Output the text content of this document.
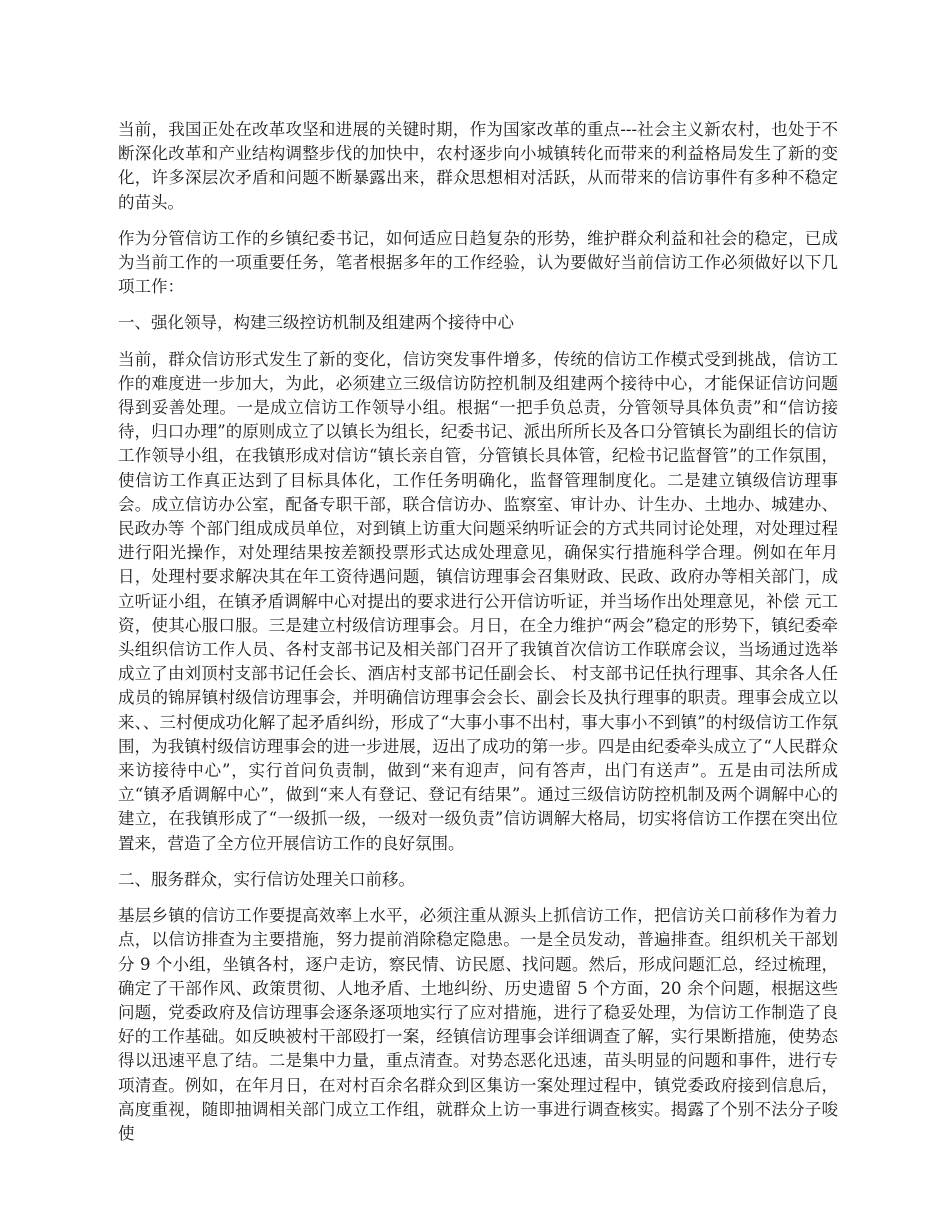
当前，我国正处在改革攻坚和进展的关键时期，作为国家改革的重点---社会主义新农村，也处于不断深化改革和产业结构调整步伐的加快中，农村逐步向小城镇转化而带来的利益格局发生了新的变化，许多深层次矛盾和问题不断暴露出来，群众思想相对活跃，从而带来的信访事件有多种不稳定的苗头。

作为分管信访工作的乡镇纪委书记，如何适应日趋复杂的形势，维护群众利益和社会的稳定，已成为当前工作的一项重要任务，笔者根据多年的工作经验，认为要做好当前信访工作必须做好以下几项工作：

一、强化领导，构建三级控访机制及组建两个接待中心

当前，群众信访形式发生了新的变化，信访突发事件增多，传统的信访工作模式受到挑战，信访工作的难度进一步加大，为此，必须建立三级信访防控机制及组建两个接待中心，才能保证信访问题得到妥善处理。一是成立信访工作领导小组。根据“一把手负总责，分管领导具体负责”和“信访接待，归口办理”的原则成立了以镇长为组长，纪委书记、派出所所长及各口分管镇长为副组长的信访工作领导小组，在我镇形成对信访“镇长亲自管，分管镇长具体管，纪检书记监督管”的工作氛围，使信访工作真正达到了目标具体化，工作任务明确化，监督管理制度化。二是建立镇级信访理事会。成立信访办公室，配备专职干部，联合信访办、监察室、审计办、计生办、土地办、城建办、民政办等 个部门组成成员单位，对到镇上访重大问题采纳听证会的方式共同讨论处理，对处理过程进行阳光操作，对处理结果按差额投票形式达成处理意见，确保实行措施科学合理。例如在年月日，处理村要求解决其在年工资待遇问题，镇信访理事会召集财政、民政、政府办等相关部门，成立听证小组，在镇矛盾调解中心对提出的要求进行公开信访听证，并当场作出处理意见，补偿 元工资，使其心服口服。三是建立村级信访理事会。月日，在全力维护“两会”稳定的形势下，镇纪委牵头组织信访工作人员、各村支部书记及相关部门召开了我镇首次信访工作联席会议，当场通过选举成立了由刘顶村支部书记任会长、酒店村支部书记任副会长、 村支部书记任执行理事、其余各人任成员的锦屏镇村级信访理事会，并明确信访理事会会长、副会长及执行理事的职责。理事会成立以来、、三村便成功化解了起矛盾纠纷，形成了“大事小事不出村，事大事小不到镇”的村级信访工作氛围，为我镇村级信访理事会的进一步进展，迈出了成功的第一步。四是由纪委牵头成立了“人民群众来访接待中心”，实行首问负责制，做到“来有迎声，问有答声，出门有送声”。五是由司法所成立“镇矛盾调解中心”，做到“来人有登记、登记有结果”。通过三级信访防控机制及两个调解中心的建立，在我镇形成了“一级抓一级，一级对一级负责”信访调解大格局，切实将信访工作摆在突出位置来，营造了全方位开展信访工作的良好氛围。

二、服务群众，实行信访处理关口前移。

基层乡镇的信访工作要提高效率上水平，必须注重从源头上抓信访工作，把信访关口前移作为着力点，以信访排查为主要措施，努力提前消除稳定隐患。一是全员发动，普遍排查。组织机关干部划分 9 个小组，坐镇各村，逐户走访，察民情、访民愿、找问题。然后，形成问题汇总，经过梳理，确定了干部作风、政策贯彻、人地矛盾、土地纠纷、历史遗留 5 个方面，20 余个问题，根据这些问题，党委政府及信访理事会逐条逐项地实行了应对措施，进行了稳妥处理，为信访工作制造了良好的工作基础。如反映被村干部殴打一案，经镇信访理事会详细调查了解，实行果断措施，使势态得以迅速平息了结。二是集中力量，重点清查。对势态恶化迅速，苗头明显的问题和事件，进行专项清查。例如，在年月日，在对村百余名群众到区集访一案处理过程中，镇党委政府接到信息后，高度重视，随即抽调相关部门成立工作组，就群众上访一事进行调查核实。揭露了个别不法分子唆使
